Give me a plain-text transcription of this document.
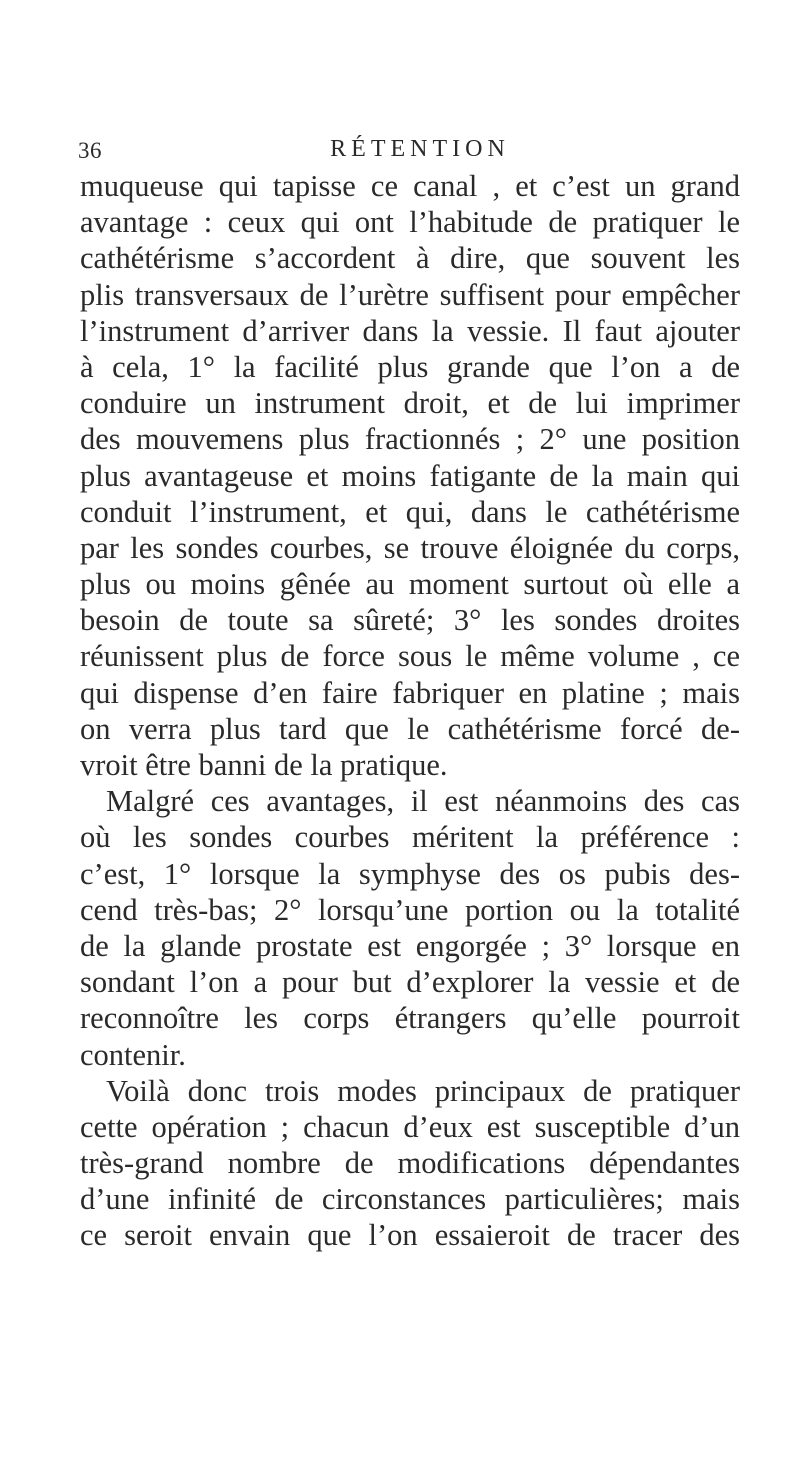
36	RÉTENTION
muqueuse qui tapisse ce canal , et c’est un grand
avantage : ceux qui ont l’habitude de pratiquer le
cathétérisme s’accordent à dire, que souvent les
plis transversaux de l’urètre suffisent pour empêcher
l’instrument d’arriver dans la vessie. Il faut ajouter
à cela, 1° la facilité plus grande que l’on a de
conduire un instrument droit, et de lui imprimer
des mouvemens plus fractionnés ; 2° une position
plus avantageuse et moins fatigante de la main qui
conduit l’instrument, et qui, dans le cathétérisme
par les sondes courbes, se trouve éloignée du corps,
plus ou moins gênée au moment surtout où elle a
besoin de toute sa sûreté; 3° les sondes droites
réunissent plus de force sous le même volume , ce
qui dispense d’en faire fabriquer en platine ; mais
on verra plus tard que le cathétérisme forcé de-
vroit être banni de la pratique.
Malgré ces avantages, il est néanmoins des cas
où les sondes courbes méritent la préférence :
c’est, 1° lorsque la symphyse des os pubis des-
cend très-bas; 2° lorsqu’une portion ou la totalité
de la glande prostate est engorgée ; 3° lorsque en
sondant l’on a pour but d’explorer la vessie et de
reconnoître les corps étrangers qu’elle pourroit
contenir.
Voilà donc trois modes principaux de pratiquer
cette opération ; chacun d’eux est susceptible d’un
très-grand nombre de modifications dépendantes
d’une infinité de circonstances particulières; mais
ce seroit envain que l’on essaieroit de tracer des
